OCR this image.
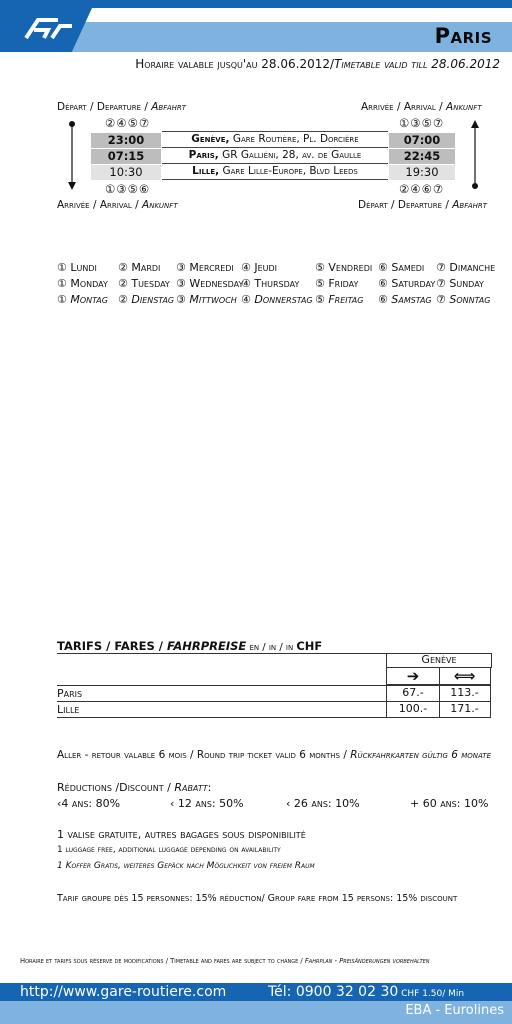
Paris
Horaire valable jusqu'au 28.06.2012/Timetable valid till 28.06.2012
Départ / Departure / Abfahrt	Arrivée / Arrival / Ankunft
②④⑤⑦	①③⑤⑦
23:00	Genève, Gare Routière, Pl. Dorcière	07:00
07:15	Paris, GR Galliéni, 28, av. de Gaulle	22:45
10:30	Lille, Gare Lille-Europe, Blvd Leeds	19:30
①③⑤⑥	②④⑥⑦
Arrivée / Arrival / Ankunft	Départ / Departure / Abfahrt
① Lundi ② Mardi ③ Mercredi ④ Jeudi	⑤ Vendredi ⑥ Samedi ⑦ Dimanche
① Monday ② Tuesday ③ Wednesday
④ Thursday ⑤ Friday ⑥ Saturday ⑦ Sunday
① Montag ② Dienstag ③ Mittwoch ④ Donnerstag ⑤ Freitag ⑥ Samstag ⑦ Sonntag
TARIFS / FARES / FAHRPREISE en / in / in CHF
Genève
➔	⟺
Paris	67.-	113.-
Lille	100.-	171.-
Aller - retour valable 6 mois / Round trip ticket valid 6 months / Rückfahrkarten gültig 6 monate
Réductions /Discount / Rabatt:
‹4 ans: 80%	‹ 12 ans: 50%	‹ 26 ans: 10%	+ 60 ans: 10%
1 valise gratuite, autres bagages sous disponibilité
1 luggage free, additional luggage depending on availability
1 Koffer Gratis, weiteres Gepäck nach Möglichkeit von freiem Raum
Tarif groupe dès 15 personnes: 15% réduction/ Group fare from 15 persons: 15% discount
Horaire et tarifs sous réserve de modifications / Timetable and fares are subject to change / Fahrplan - Preisänderungen vorbehalten
http://www.gare-routiere.com	Tél: 0900 32 02 30 CHF 1.50/ Min
EBA - Eurolines
